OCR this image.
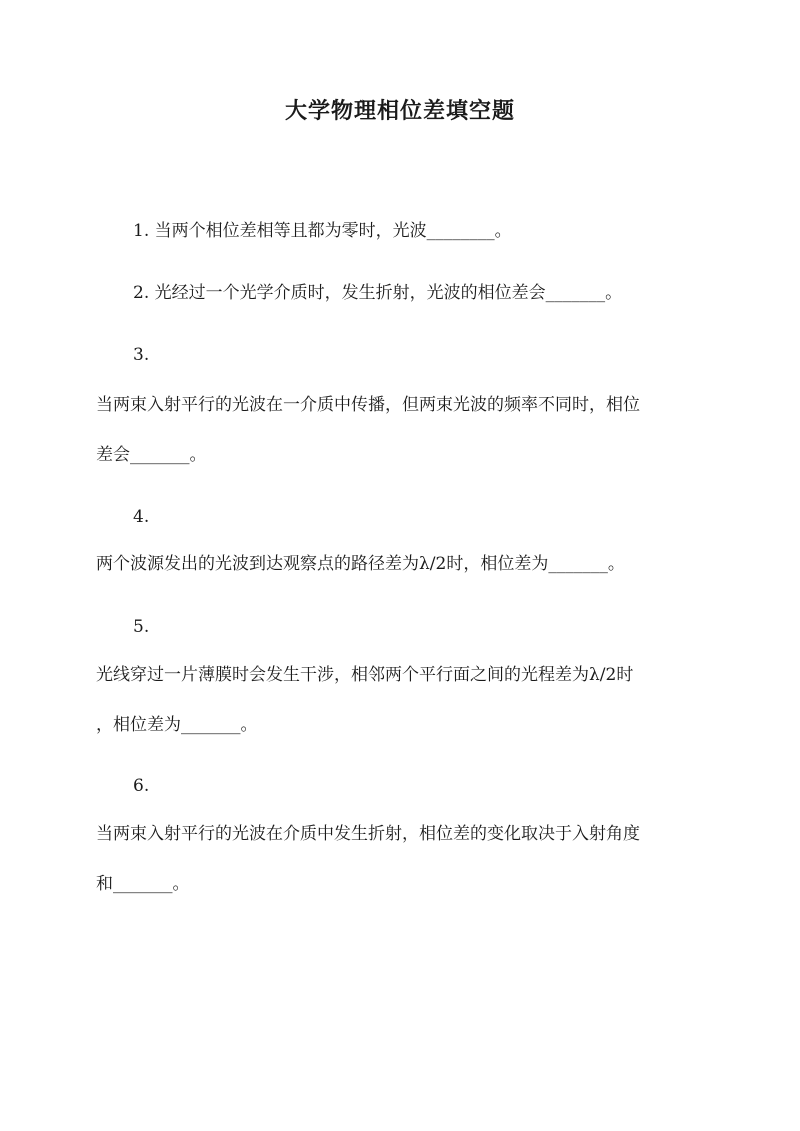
大学物理相位差填空题
1. 当两个相位差相等且都为零时，光波________。
2. 光经过一个光学介质时，发生折射，光波的相位差会_______。
3.
当两束入射平行的光波在一介质中传播，但两束光波的频率不同时，相位
差会_______。
4.
两个波源发出的光波到达观察点的路径差为λ/2时，相位差为_______。
5.
光线穿过一片薄膜时会发生干涉，相邻两个平行面之间的光程差为λ/2时
，相位差为_______。
6.
当两束入射平行的光波在介质中发生折射，相位差的变化取决于入射角度
和_______。
